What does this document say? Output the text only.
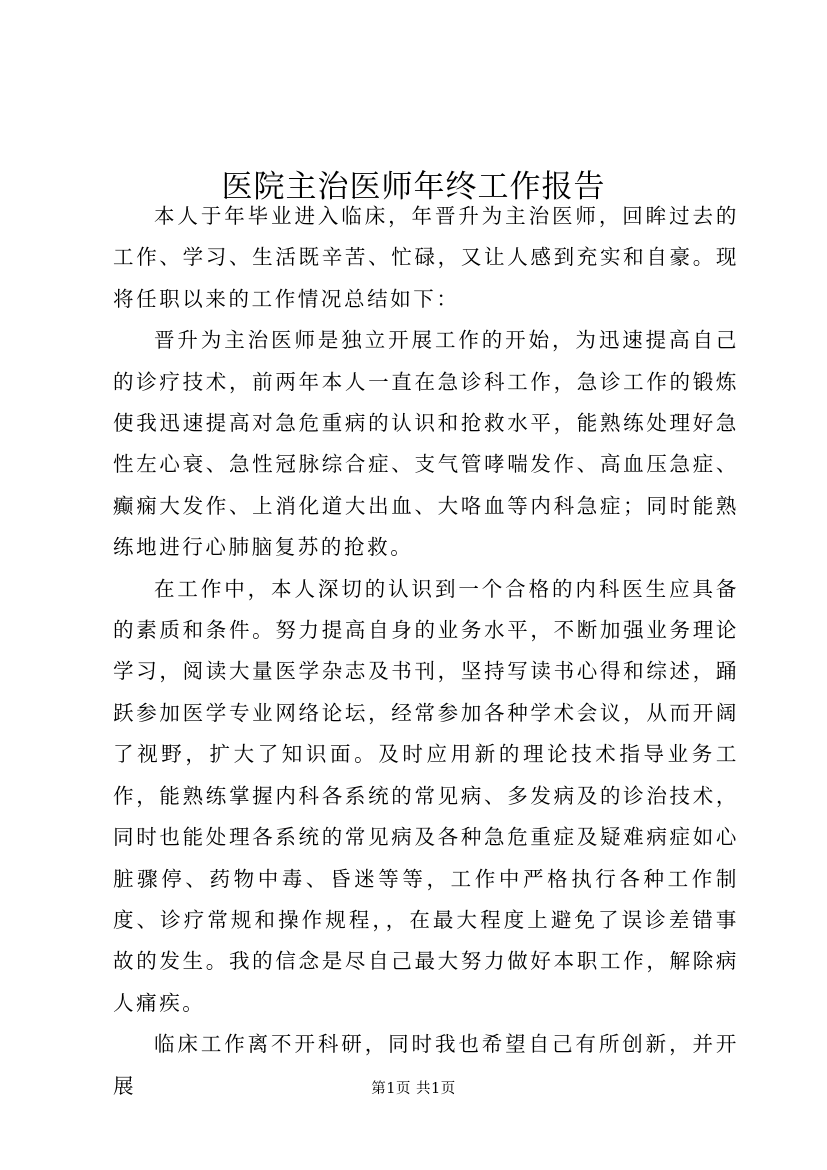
医院主治医师年终工作报告

本人于年毕业进入临床，年晋升为主治医师，回眸过去的工作、学习、生活既辛苦、忙碌，又让人感到充实和自豪。现将任职以来的工作情况总结如下：

晋升为主治医师是独立开展工作的开始，为迅速提高自己的诊疗技术，前两年本人一直在急诊科工作，急诊工作的锻炼使我迅速提高对急危重病的认识和抢救水平，能熟练处理好急性左心衰、急性冠脉综合症、支气管哮喘发作、高血压急症、癫痫大发作、上消化道大出血、大咯血等内科急症；同时能熟练地进行心肺脑复苏的抢救。

在工作中，本人深切的认识到一个合格的内科医生应具备的素质和条件。努力提高自身的业务水平，不断加强业务理论学习，阅读大量医学杂志及书刊，坚持写读书心得和综述，踊跃参加医学专业网络论坛，经常参加各种学术会议，从而开阔了视野，扩大了知识面。及时应用新的理论技术指导业务工作，能熟练掌握内科各系统的常见病、多发病及的诊治技术，同时也能处理各系统的常见病及各种急危重症及疑难病症如心脏骤停、药物中毒、昏迷等等，工作中严格执行各种工作制度、诊疗常规和操作规程，，在最大程度上避免了误诊差错事故的发生。我的信念是尽自己最大努力做好本职工作，解除病人痛疾。

临床工作离不开科研，同时我也希望自己有所创新，并开展	第1页 共1页
